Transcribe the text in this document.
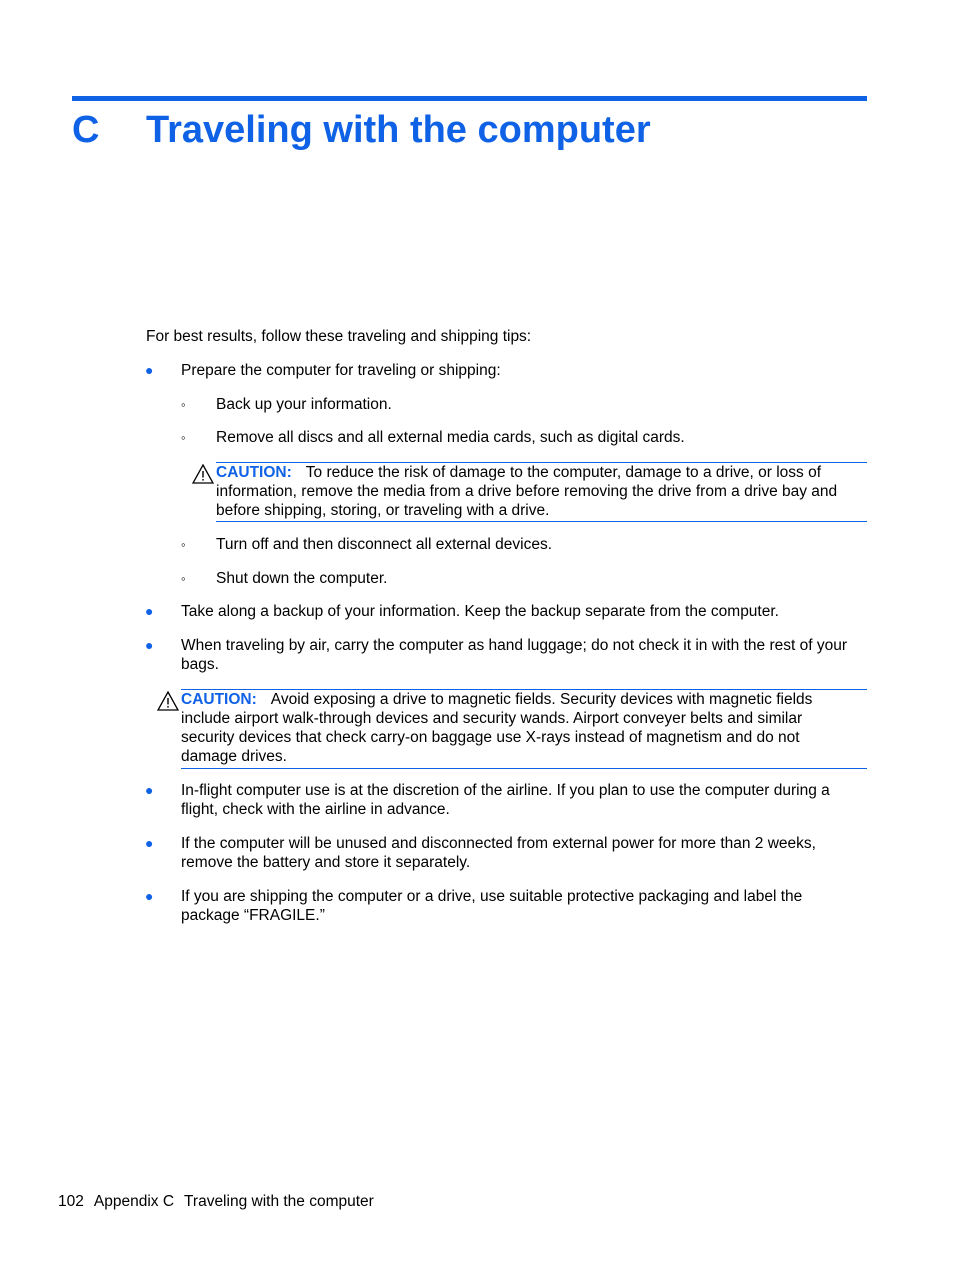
C Traveling with the computer
For best results, follow these traveling and shipping tips:
● Prepare the computer for traveling or shipping:
◦ Back up your information.
◦ Remove all discs and all external media cards, such as digital cards.
CAUTION: To reduce the risk of damage to the computer, damage to a drive, or loss of information, remove the media from a drive before removing the drive from a drive bay and before shipping, storing, or traveling with a drive.
◦ Turn off and then disconnect all external devices.
◦ Shut down the computer.
● Take along a backup of your information. Keep the backup separate from the computer.
● When traveling by air, carry the computer as hand luggage; do not check it in with the rest of your bags.
CAUTION: Avoid exposing a drive to magnetic fields. Security devices with magnetic fields include airport walk-through devices and security wands. Airport conveyer belts and similar security devices that check carry-on baggage use X-rays instead of magnetism and do not damage drives.
● In-flight computer use is at the discretion of the airline. If you plan to use the computer during a flight, check with the airline in advance.
● If the computer will be unused and disconnected from external power for more than 2 weeks, remove the battery and store it separately.
● If you are shipping the computer or a drive, use suitable protective packaging and label the package “FRAGILE.”
102 Appendix C Traveling with the computer
